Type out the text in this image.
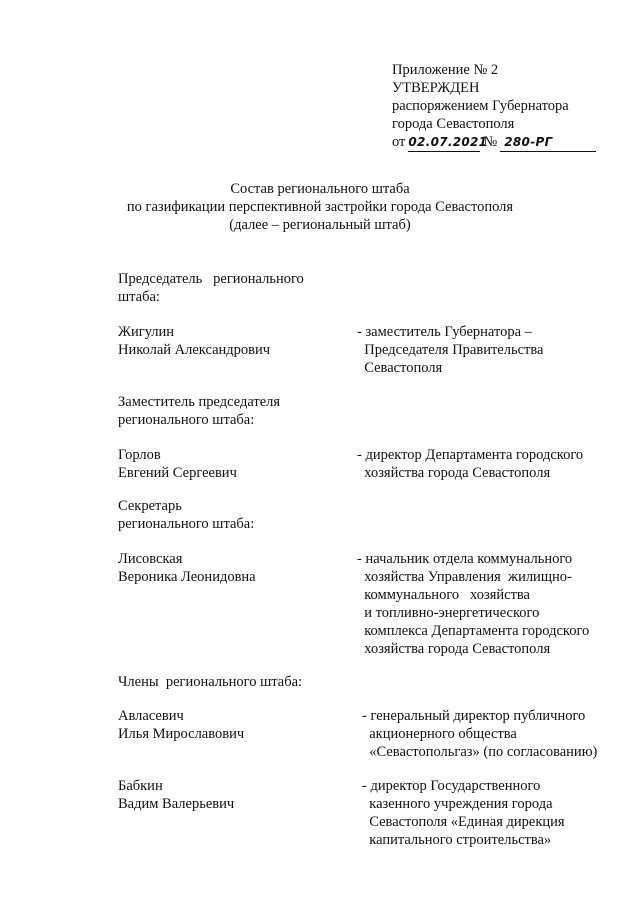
Приложение № 2
УТВЕРЖДЕН
распоряжением Губернатора
города Севастополя
от 02.07.2021№ 280-РГ
Состав регионального штаба
по газификации перспективной застройки города Севастополя
(далее – региональный штаб)
Председатель   регионального
штаба:
Жигулин
Николай Александрович
- заместитель Губернатора –
Председателя Правительства
Севастополя
Заместитель председателя
регионального штаба:
Горлов
Евгений Сергеевич
- директор Департамента городского
хозяйства города Севастополя
Секретарь
регионального штаба:
Лисовская
Вероника Леонидовна
- начальник отдела коммунального
хозяйства Управления  жилищно-
коммунального   хозяйства
и топливно-энергетического
комплекса Департамента городского
хозяйства города Севастополя
Члены  регионального штаба:
Авласевич
Илья Мирославович
- генеральный директор публичного
акционерного общества
«Севастопольгаз» (по согласованию)
Бабкин
Вадим Валерьевич
- директор Государственного
казенного учреждения города
Севастополя «Единая дирекция
капитального строительства»
